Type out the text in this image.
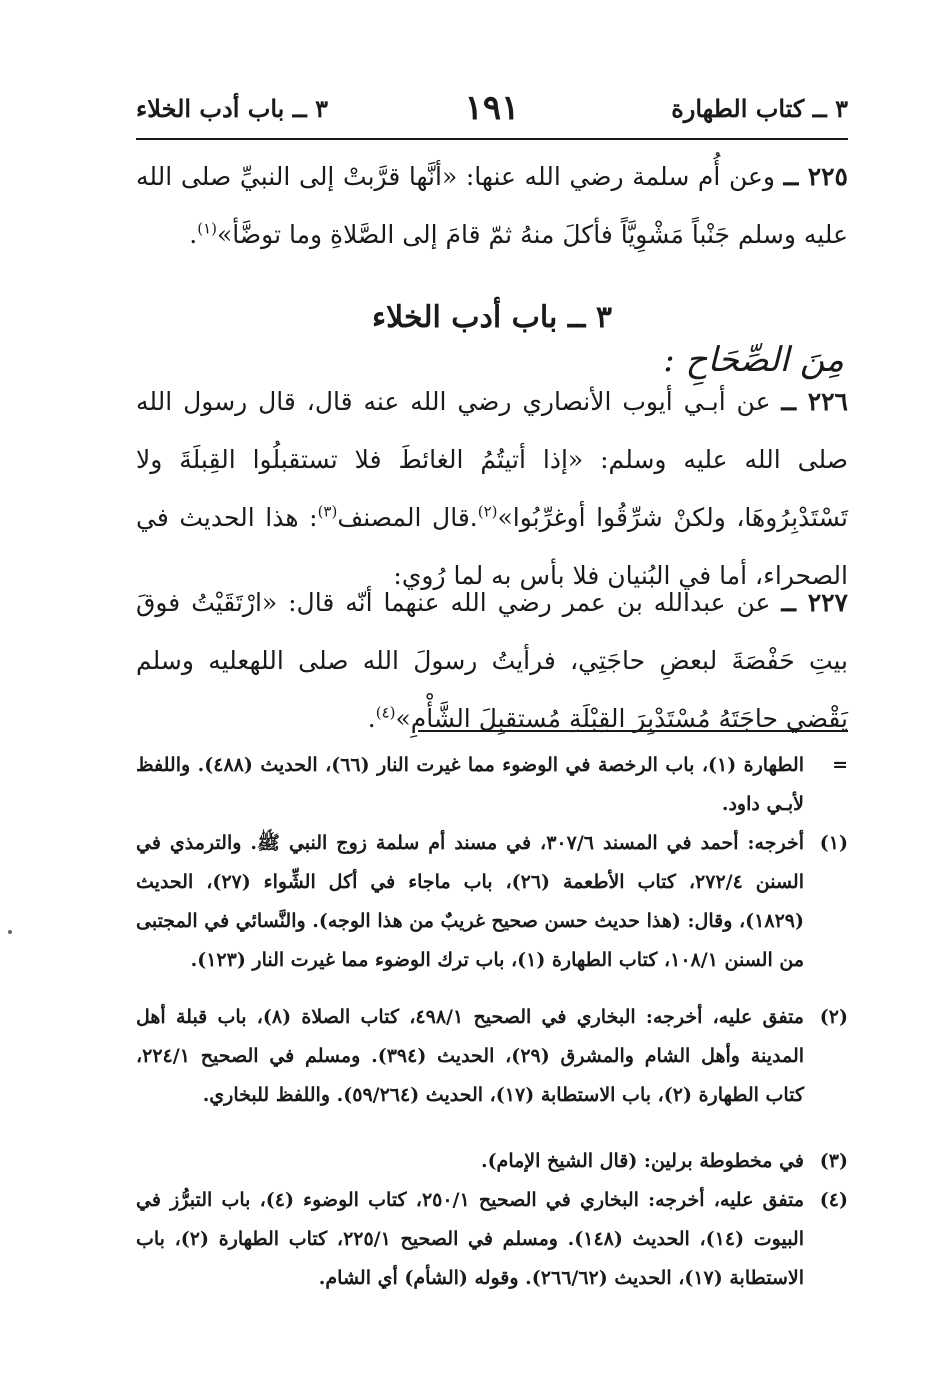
٣ ــ كتاب الطهارة
١٩١
٣ ــ باب أدب الخلاء
٢٢٥ ــ وعن أُم سلمة رضي الله عنها: «أنَّها قرَّبتْ إلى النبيِّ صلى الله عليه وسلم جَنْباً مَشْوِيَّاً فأكلَ منهُ ثمّ قامَ إلى الصَّلاةِ وما توضَّأ»$^{(١)}$.
٣ ــ باب أدب الخلاء
مِنَ الصِّحَاحِ :
٢٢٦ ــ عن أبـي أيوب الأنصاري رضي الله عنه قال، قال رسول الله صلى الله عليه وسلم: «إذا أتيتُمُ الغائطَ فلا تستقبلُوا القِبلَةَ ولا تَسْتَدْبِرُوهَا، ولكنْ شرِّقُوا أوغرِّبُوا»$^{(٢)}$.قال المصنف$^{(٣)}$: هذا الحديث في الصحراء، أما في البُنيان فلا بأس به لما رُوي:
٢٢٧ ــ عن عبدالله بن عمر رضي الله عنهما أنّه قال: «ارْتَقَيْتُ فوقَ بيتِ حَفْصَةَ لبعضِ حاجَتِي، فرأيتُ رسولَ الله صلى اللهعليه وسلم يَقْضي حاجَتَهُ مُسْتَدْبِرَ القِبْلَةِ مُستقبِلَ الشَّأْمِ»$^{(٤)}$.
=
الطهارة (١)، باب الرخصة في الوضوء مما غيرت النار (٦٦)، الحديث (٤٨٨). واللفظ لأبـي داود.
(١)
أخرجه: أحمد في المسند ٣٠٧/٦، في مسند أم سلمة زوج النبي ﷺ. والترمذي في السنن ٢٧٢/٤، كتاب الأطعمة (٢٦)، باب ماجاء في أكل الشِّواء (٢٧)، الحديث (١٨٢٩)، وقال: (هذا حديث حسن صحيح غريبٌ من هذا الوجه). والنَّسائي في المجتبى من السنن ١٠٨/١، كتاب الطهارة (١)، باب ترك الوضوء مما غيرت النار (١٢٣).
(٢)
متفق عليه، أخرجه: البخاري في الصحيح ٤٩٨/١، كتاب الصلاة (٨)، باب قبلة أهل المدينة وأهل الشام والمشرق (٢٩)، الحديث (٣٩٤). ومسلم في الصحيح ٢٢٤/١، كتاب الطهارة (٢)، باب الاستطابة (١٧)، الحديث (٥٩/٢٦٤). واللفظ للبخاري.
(٣)
في مخطوطة برلين: (قال الشيخ الإمام).
(٤)
متفق عليه، أخرجه: البخاري في الصحيح ٢٥٠/١، كتاب الوضوء (٤)، باب التبرُّز في البيوت (١٤)، الحديث (١٤٨). ومسلم في الصحيح ٢٢٥/١، كتاب الطهارة (٢)، باب الاستطابة (١٧)، الحديث (٢٦٦/٦٢). وقوله (الشأم) أي الشام.
